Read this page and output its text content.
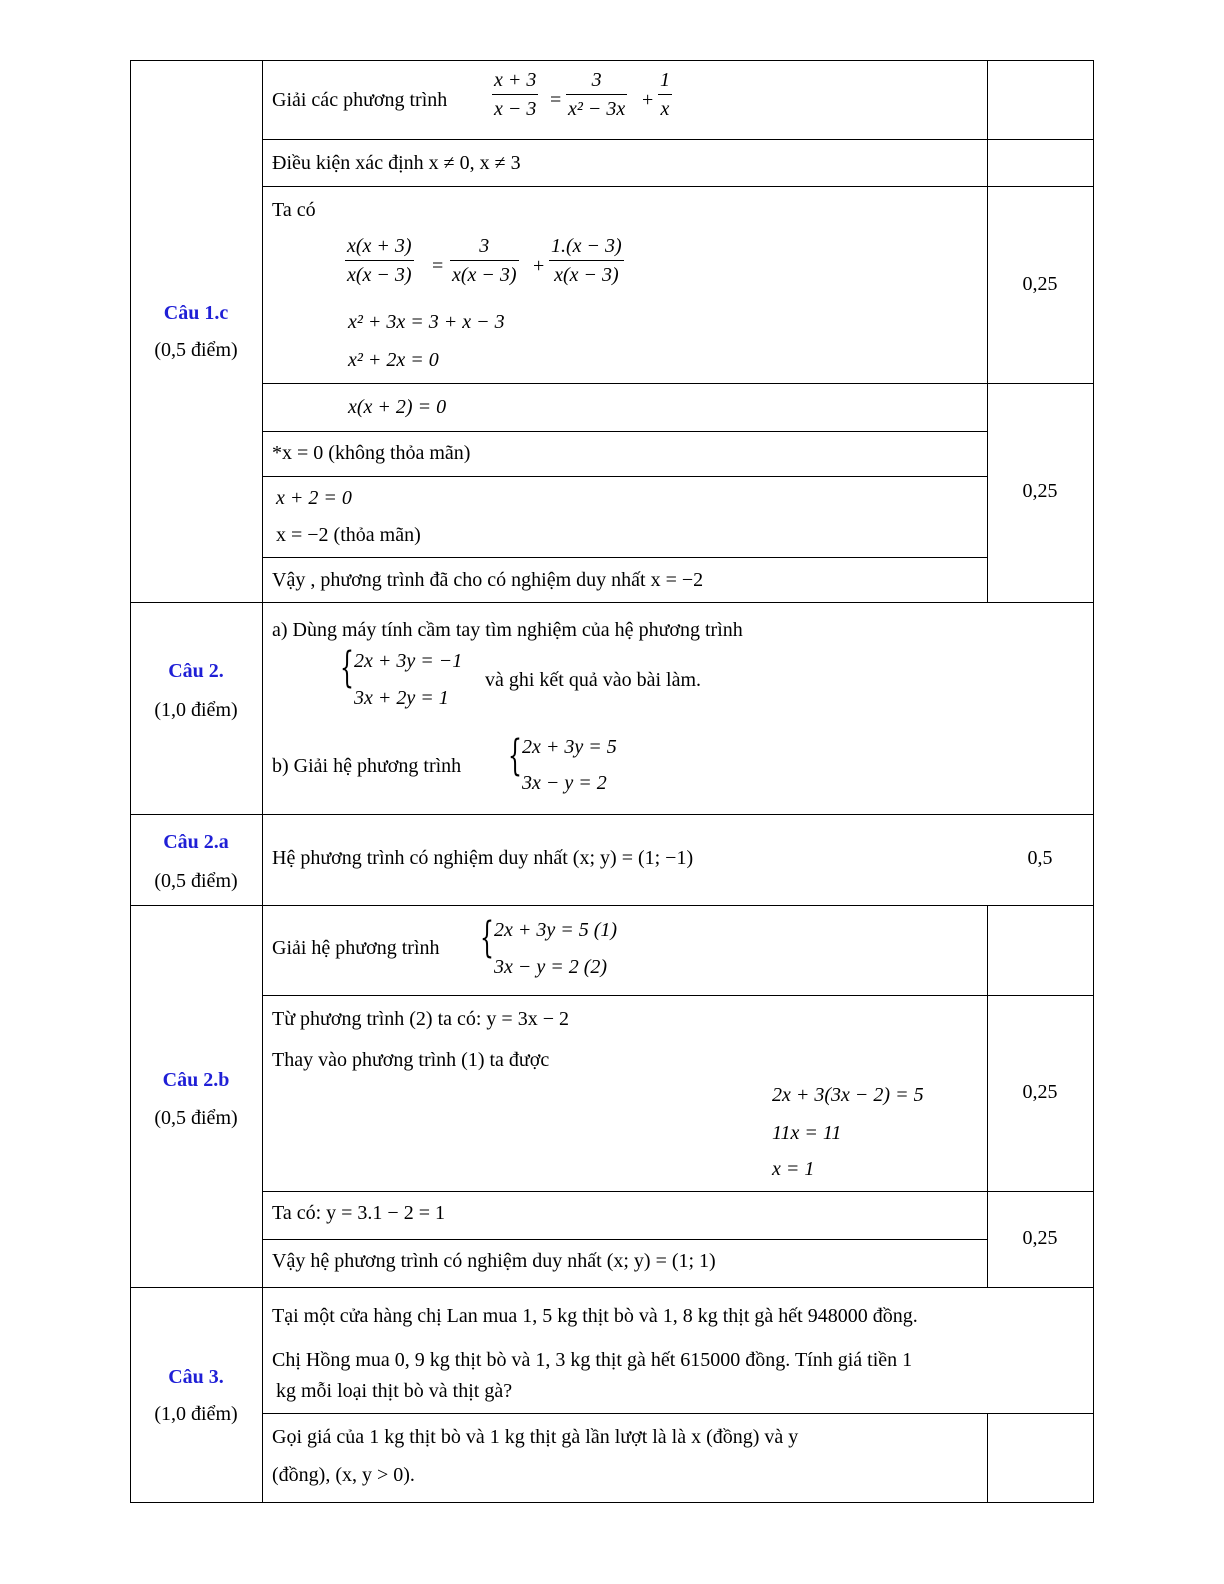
Câu 1.c
(0,5 điểm)
Giải các phương trình $\frac{x + 3}{x - 3} = \frac{3}{\text{x² − 3x}} + \frac{1}{x}$
Điều kiện xác định x ≠ 0, x ≠ 3
Ta có
$\frac{x(x + 3)}{x(x - 3)} = \frac{3}{x(x - 3)} + \frac{1.(x - 3)}{x(x - 3)}$
x² + 3x = 3 + x − 3
x² + 2x = 0
0,25
x(x + 2) = 0
*x = 0 (không thỏa mãn)
x + 2 = 0
x = −2 (thỏa mãn)
Vậy , phương trình đã cho có nghiệm duy nhất x = −2
0,25
Câu 2.
(1,0 điểm)
a) Dùng máy tính cầm tay tìm nghiệm của hệ phương trình
{ 2x + 3y = −1
3x + 2y = 1
và ghi kết quả vào bài làm.
b) Giải hệ phương trình { 2x + 3y = 5
3x − y = 2
Câu 2.a
(0,5 điểm)
Hệ phương trình có nghiệm duy nhất (x; y) = (1; −1)	0,5
Câu 2.b
(0,5 điểm)
Giải hệ phương trình { 2x + 3y = 5 (1)
3x − y = 2 (2)
Từ phương trình (2) ta có: y = 3x − 2
Thay vào phương trình (1) ta được
2x + 3(3x − 2) = 5
11x = 11
x = 1
0,25
Ta có: y = 3.1 − 2 = 1
Vậy hệ phương trình có nghiệm duy nhất (x; y) = (1; 1)
0,25
Câu 3.
(1,0 điểm)
Tại một cửa hàng chị Lan mua 1, 5 kg thịt bò và 1, 8 kg thịt gà hết 948000 đồng.
Chị Hồng mua 0, 9 kg thịt bò và 1, 3 kg thịt gà hết 615000 đồng. Tính giá tiền 1
kg mỗi loại thịt bò và thịt gà?
Gọi giá của 1 kg thịt bò và 1 kg thịt gà lần lượt là là x (đồng) và y
(đồng), (x, y > 0).
